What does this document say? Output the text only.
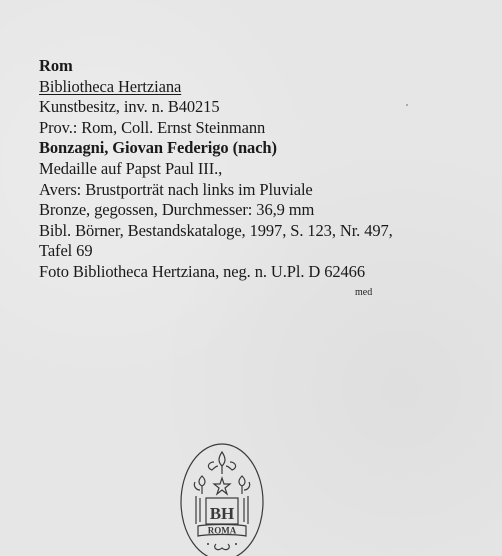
Rom
Bibliotheca Hertziana
Kunstbesitz, inv. n. B40215
Prov.: Rom, Coll. Ernst Steinmann
Bonzagni, Giovan Federigo (nach)
Medaille auf Papst Paul III.,
Avers: Brustporträt nach links im Pluviale
Bronze, gegossen, Durchmesser: 36,9 mm
Bibl. Börner, Bestandskataloge, 1997, S. 123, Nr. 497, Tafel 69
Foto Bibliotheca Hertziana, neg. n. U.Pl. D 62466
med
BH
ROMA
